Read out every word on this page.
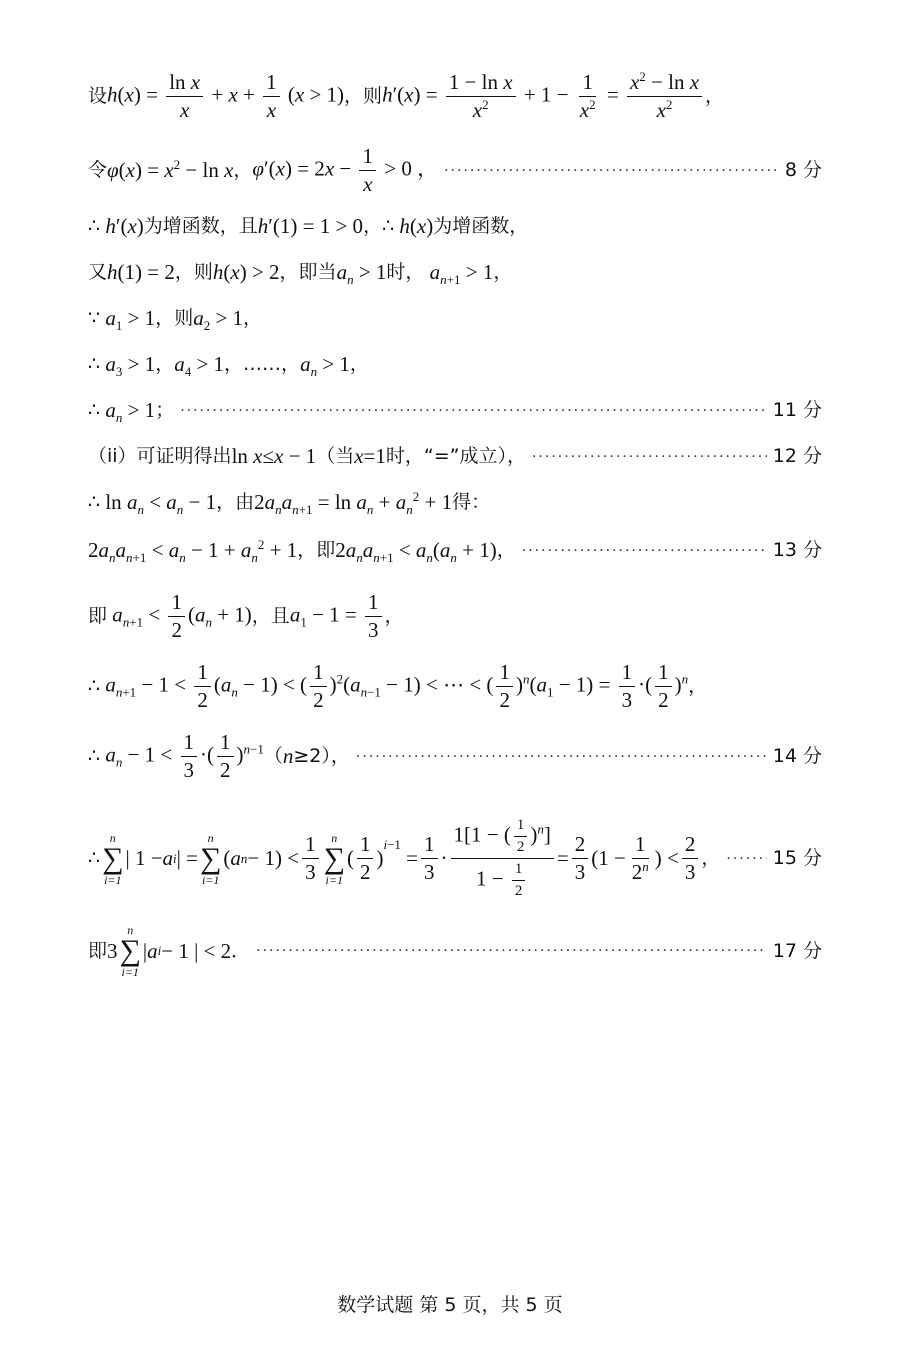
设 $h(x) = \frac{\text{ln x}}{x} + x + \frac{1}{x} (x > 1)$ ，则 $h'(x) = \frac{\text{1 − ln x}}{x^2} + 1 - \frac{1}{x^2} = \frac{x^2 - \ln x}{x^2}$ ，
令 $\varphi(x) = x^2 - \ln x$ ， $\varphi'(x) = 2x - \frac{1}{x} > 0$ ， ·····	8 分
∴ h′(x) 为增函数，且 h′(1) = 1 > 0 ，∴ h(x) 为增函数，
又 h(1) = 2 ，则 h(x) > 2 ，即当 $a_n > 1$ 时， $a_{n+1} > 1$ ，
∵ $a_1 > 1$ ，则 $a_2 > 1$ ，
∴ $a_3 > 1$ ， $a_4 > 1$ ，……， $a_n > 1$ ，
∴ $a_n > 1$ ； ·····	11 分
（ii）可证明得出 ln x≤x − 1 （当 x=1 时，“=”成立）， ·····	12 分
∴ $\ln a_n < a_n - 1$ ，由 $2a_na_{n+1} = \ln a_n + a_n^2 + 1$ 得：
$2a_na_{n+1} < a_n - 1 + a_n^2 + 1$ ，即 $2a_na_{n+1} < a_n(a_n + 1)$ ， ·····	13 分
即 $a_{n+1} < \frac{1}{2} (a_n + 1)$ ，且 $a_1 - 1 = \frac{1}{3}$ ，
∴ $a_{n+1} - 1 < \frac{1}{2} (a_n - 1)$ < ( $\frac{1}{2} )^2(a_{n-1} - 1)$ < ⋯ < ( $\frac{1}{2} )^n(a_1 - 1) = \frac{1}{3}$ ·( $\frac{1}{2} )^n$ ，
∴ $a_n - 1 < \frac{1}{3}$ ·( $\frac{1}{2} )^{n-1}$ （ n ≥2）， ·····	14 分
∴
n
∑
i=1
| 1 − a i | =
n
∑
i=1
( a $n - 1) < \frac{1}{3}$ n
∑
i=1
( $\frac{1}{2}$ )
$^{i-1}$
= $\frac{1}{3} \cdot \frac{1[1 - ( \frac{1}{2} )^n]}{1 - \frac{1}{2}} = \frac{2}{3} (1 - \frac{1}{2^n}$ ) < $\frac{2}{3}$ ， ·····	15 分
即 3
n
∑
i=1
| a i − 1 | < 2 ． ·····	17 分
数学试题 第 5 页，共 5 页
